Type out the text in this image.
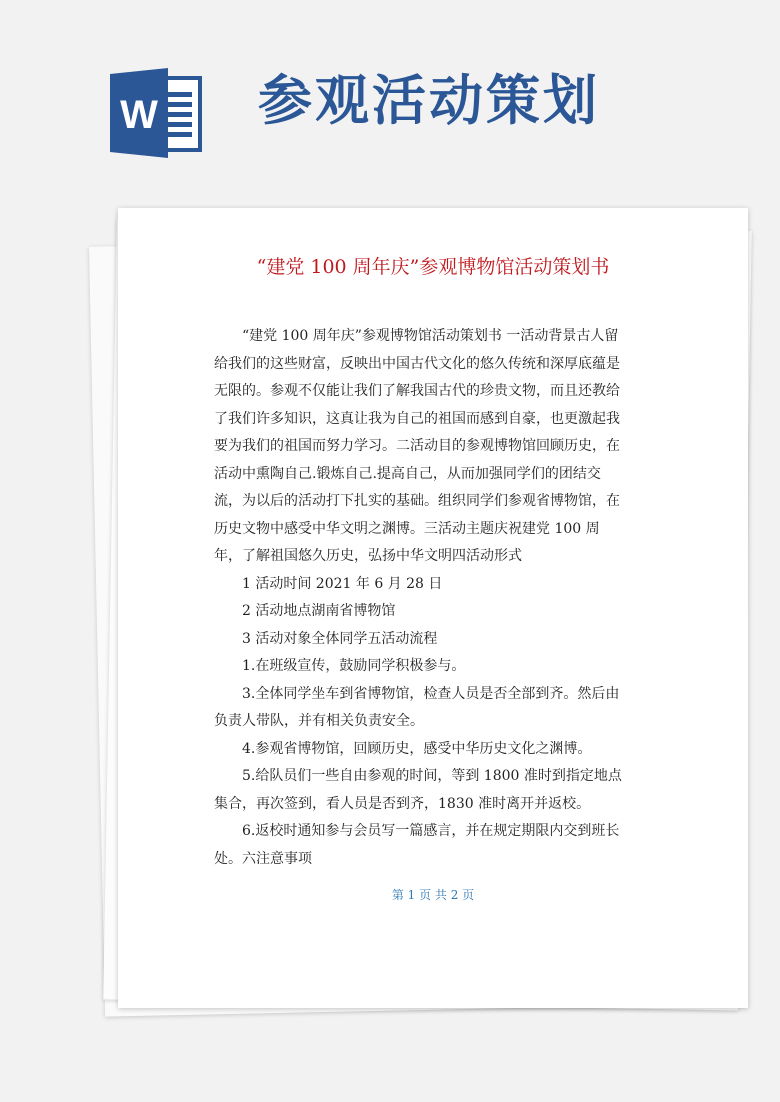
W 参观活动策划
“建党 100 周年庆”参观博物馆活动策划书

“建党 100 周年庆”参观博物馆活动策划书 一活动背景古人留给我们的这些财富，反映出中国古代文化的悠久传统和深厚底蕴是无限的。参观不仅能让我们了解我国古代的珍贵文物，而且还教给了我们许多知识，这真让我为自己的祖国而感到自豪，也更激起我要为我们的祖国而努力学习。二活动目的参观博物馆回顾历史，在活动中熏陶自己.锻炼自己.提高自己，从而加强同学们的团结交流，为以后的活动打下扎实的基础。组织同学们参观省博物馆，在历史文物中感受中华文明之渊博。三活动主题庆祝建党 100 周年，了解祖国悠久历史，弘扬中华文明四活动形式

1 活动时间 2021 年 6 月 28 日

2 活动地点湖南省博物馆

3 活动对象全体同学五活动流程

1.在班级宣传，鼓励同学积极参与。

3.全体同学坐车到省博物馆，检查人员是否全部到齐。然后由负责人带队，并有相关负责安全。

4.参观省博物馆，回顾历史，感受中华历史文化之渊博。

5.给队员们一些自由参观的时间，等到 1800 准时到指定地点集合，再次签到，看人员是否到齐，1830 准时离开并返校。

6.返校时通知参与会员写一篇感言，并在规定期限内交到班长处。六注意事项

第 1 页 共 2 页
